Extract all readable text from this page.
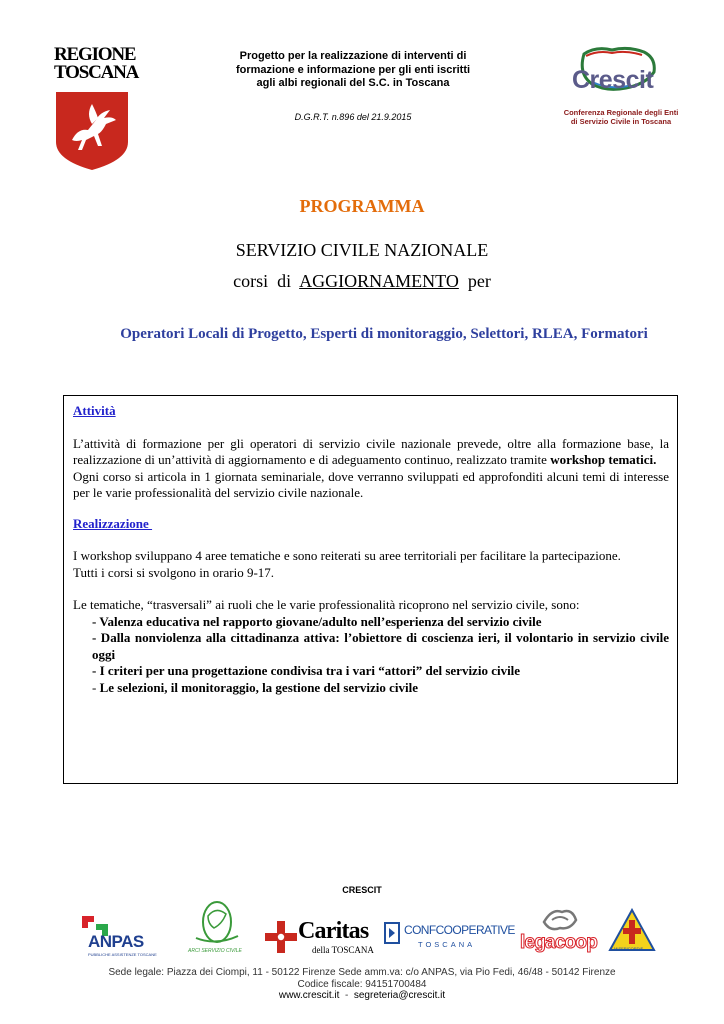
REGIONE
TOSCANA
Progetto per la realizzazione di interventi di
formazione e informazione per gli enti iscritti
agli albi regionali del S.C. in Toscana
D.G.R.T. n.896 del 21.9.2015
Crescit
Conferenza Regionale degli Enti
di Servizio Civile in Toscana
PROGRAMMA
SERVIZIO CIVILE NAZIONALE
corsi  di  AGGIORNAMENTO  per
Operatori Locali di Progetto, Esperti di monitoraggio, Selettori, RLEA, Formatori
Attività

L’attività di formazione per gli operatori di servizio civile nazionale prevede, oltre alla formazione base, la realizzazione di un’attività di aggiornamento e di adeguamento continuo, realizzato tramite workshop tematici.

Ogni corso si articola in 1 giornata seminariale, dove verranno sviluppati ed approfonditi alcuni temi di interesse per le varie professionalità del servizio civile nazionale.

Realizzazione

I workshop sviluppano 4 aree tematiche e sono reiterati su aree territoriali per facilitare la partecipazione.

Tutti i corsi si svolgono in orario 9-17.

Le tematiche, “trasversali” ai ruoli che le varie professionalità ricoprono nel servizio civile, sono:

- Valenza educativa nel rapporto giovane/adulto nell’esperienza del servizio civile

- Dalla nonviolenza alla cittadinanza attiva: l’obiettore di coscienza ieri, il volontario in servizio civile oggi

- I criteri per una progettazione condivisa tra i vari “attori” del servizio civile

- Le selezioni, il monitoraggio, la gestione del servizio civile

CRESCIT
ANPAS
PUBBLICHE ASSISTENZE TOSCANE
ARCI SERVIZIO CIVILE
Caritas
della TOSCANA
CONFCOOPERATIVE
TOSCANA legacoop	MISERICORDIE
Sede legale: Piazza dei Ciompi, 11 - 50122 Firenze Sede amm.va: c/o ANPAS, via Pio Fedi, 46/48 - 50142 Firenze
Codice fiscale: 94151700484
www.crescit.it  -  segreteria@crescit.it
